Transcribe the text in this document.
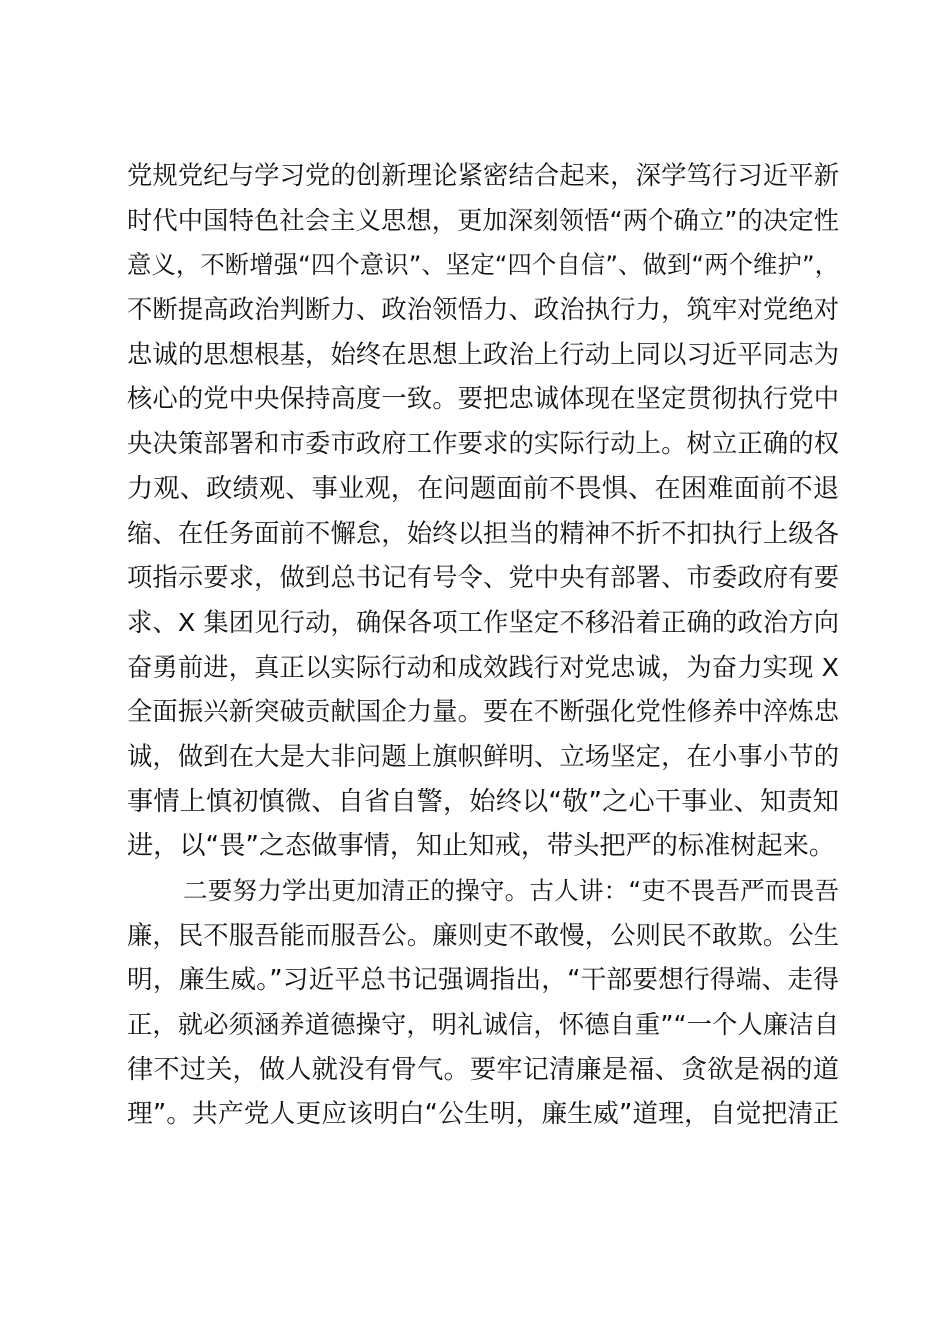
党规党纪与学习党的创新理论紧密结合起来，深学笃行习近平新
时代中国特色社会主义思想，更加深刻领悟“两个确立”的决定性
意义，不断增强“四个意识”、坚定“四个自信”、做到“两个维护”，
不断提高政治判断力、政治领悟力、政治执行力，筑牢对党绝对
忠诚的思想根基，始终在思想上政治上行动上同以习近平同志为
核心的党中央保持高度一致。要把忠诚体现在坚定贯彻执行党中
央决策部署和市委市政府工作要求的实际行动上。树立正确的权
力观、政绩观、事业观，在问题面前不畏惧、在困难面前不退
缩、在任务面前不懈怠，始终以担当的精神不折不扣执行上级各
项指示要求，做到总书记有号令、党中央有部署、市委政府有要
求、X 集团见行动，确保各项工作坚定不移沿着正确的政治方向
奋勇前进，真正以实际行动和成效践行对党忠诚，为奋力实现 X
全面振兴新突破贡献国企力量。要在不断强化党性修养中淬炼忠
诚，做到在大是大非问题上旗帜鲜明、立场坚定，在小事小节的
事情上慎初慎微、自省自警，始终以“敬”之心干事业、知责知
进，以“畏”之态做事情，知止知戒，带头把严的标准树起来。
二要努力学出更加清正的操守。古人讲：“吏不畏吾严而畏吾
廉，民不服吾能而服吾公。廉则吏不敢慢，公则民不敢欺。公生
明，廉生威。”习近平总书记强调指出，“干部要想行得端、走得
正，就必须涵养道德操守，明礼诚信，怀德自重”“一个人廉洁自
律不过关，做人就没有骨气。要牢记清廉是福、贪欲是祸的道
理”。共产党人更应该明白“公生明，廉生威”道理，自觉把清正
